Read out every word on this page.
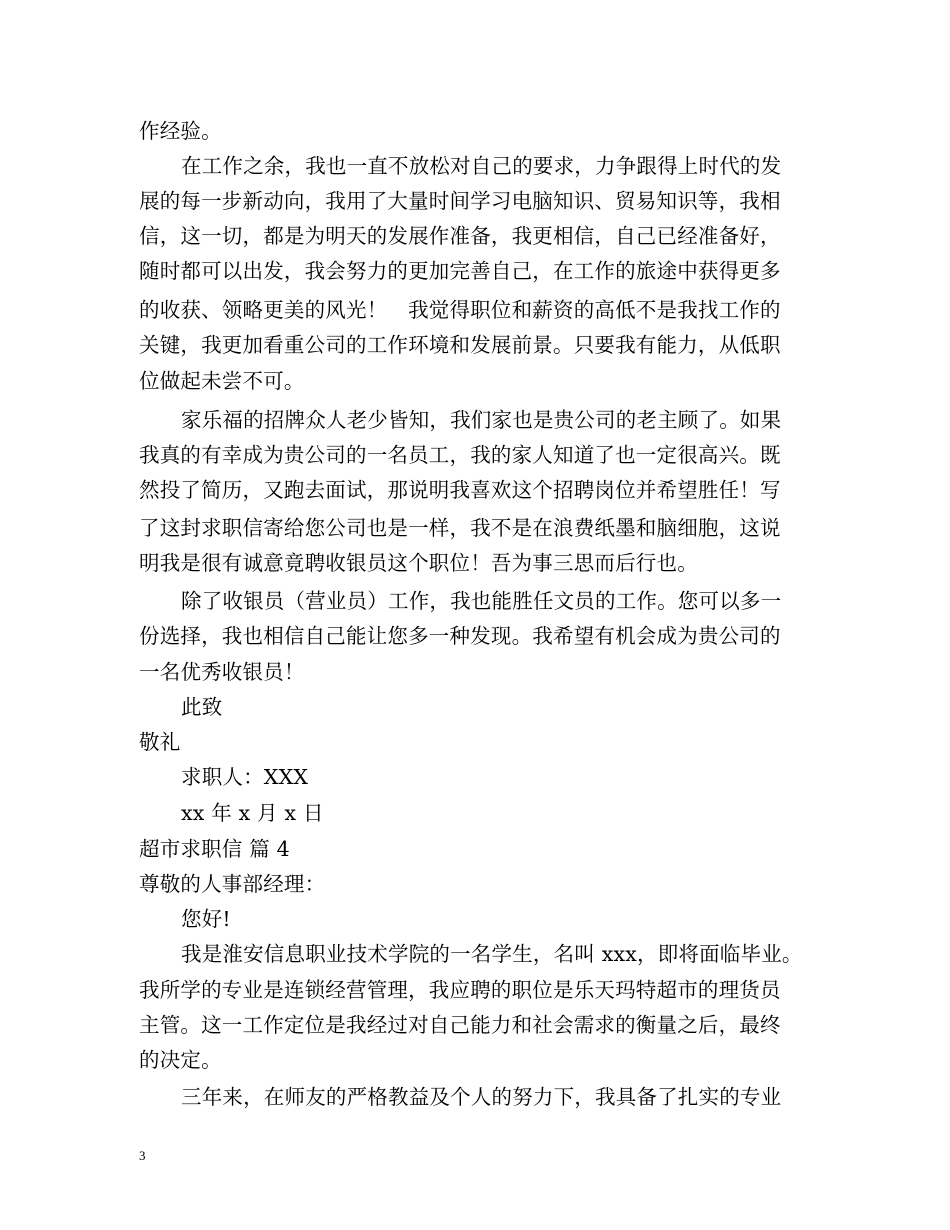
作经验。
在工作之余，我也一直不放松对自己的要求，力争跟得上时代的发
展的每一步新动向，我用了大量时间学习电脑知识、贸易知识等，我相
信，这一切，都是为明天的发展作准备，我更相信，自己已经准备好，
随时都可以出发，我会努力的更加完善自己，在工作的旅途中获得更多
的收获、领略更美的风光！　我觉得职位和薪资的高低不是我找工作的
关键，我更加看重公司的工作环境和发展前景。只要我有能力，从低职
位做起未尝不可。
家乐福的招牌众人老少皆知，我们家也是贵公司的老主顾了。如果
我真的有幸成为贵公司的一名员工，我的家人知道了也一定很高兴。既
然投了简历，又跑去面试，那说明我喜欢这个招聘岗位并希望胜任！写
了这封求职信寄给您公司也是一样，我不是在浪费纸墨和脑细胞，这说
明我是很有诚意竟聘收银员这个职位！吾为事三思而后行也。
除了收银员（营业员）工作，我也能胜任文员的工作。您可以多一
份选择，我也相信自己能让您多一种发现。我希望有机会成为贵公司的
一名优秀收银员！
此致
敬礼
求职人：XXX
xx 年 x 月 x 日
超市求职信 篇 4
尊敬的人事部经理：
您好!
我是淮安信息职业技术学院的一名学生，名叫 xxx，即将面临毕业。
我所学的专业是连锁经营管理，我应聘的职位是乐天玛特超市的理货员
主管。这一工作定位是我经过对自己能力和社会需求的衡量之后，最终
的决定。
三年来，在师友的严格教益及个人的努力下，我具备了扎实的专业
3
